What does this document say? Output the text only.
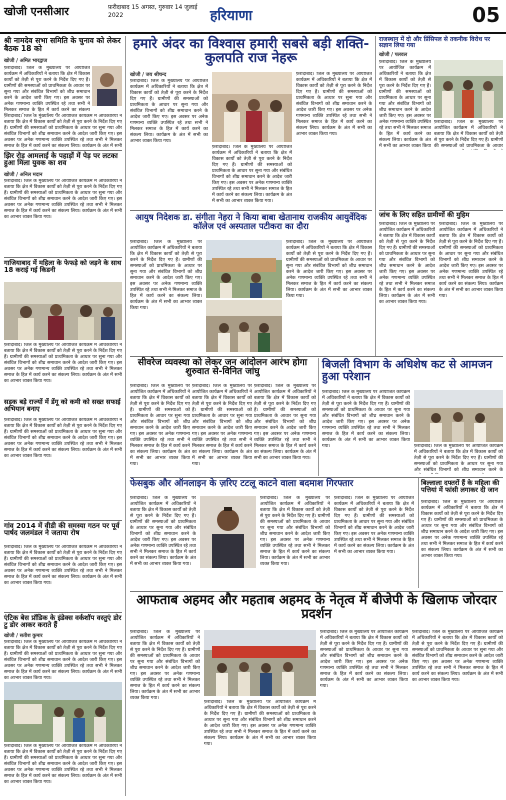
खोजी एनसीआर	फ़रीदाबाद 15 अगस्त, गुरुवार 14 जुलाई 2022	हरियाणा	05
श्री नामदेव सभा समिति के चुनाव को लेकर बैठक 18 को
खोजी / अमित भारद्वाज
फ़रीदाबाद। जिले के मुख्यालय पर आयोजित कार्यक्रम में अधिकारियों ने बताया कि क्षेत्र में विकास कार्यों को तेज़ी से पूरा करने के निर्देश दिए गए हैं। ग्रामीणों की समस्याओं को प्राथमिकता के आधार पर सुना गया और संबंधित विभागों को शीघ्र समाधान करने के आदेश जारी किए गए। इस अवसर पर अनेक गणमान्य व्यक्ति उपस्थित रहे तथा सभी ने मिलकर समाज के हित में कार्य करने का संकल्प
फ़रीदाबाद। जिले के मुख्यालय पर आयोजित कार्यक्रम में अधिकारियों ने बताया कि क्षेत्र में विकास कार्यों को तेज़ी से पूरा करने के निर्देश दिए गए हैं। ग्रामीणों की समस्याओं को प्राथमिकता के आधार पर सुना गया और संबंधित विभागों को शीघ्र समाधान करने के आदेश जारी किए गए। इस अवसर पर अनेक गणमान्य व्यक्ति उपस्थित रहे तथा सभी ने मिलकर समाज के हित में कार्य करने का संकल्प लिया। कार्यक्रम के अंत में सभी
झिर रोड़ आमलाई के पहाड़ों में पेड़ पर लटका हुआ मिला युवक का शव
खोजी / अनिल मदान
फ़रीदाबाद। जिले के मुख्यालय पर आयोजित कार्यक्रम में अधिकारियों ने बताया कि क्षेत्र में विकास कार्यों को तेज़ी से पूरा करने के निर्देश दिए गए हैं। ग्रामीणों की समस्याओं को प्राथमिकता के आधार पर सुना गया और संबंधित विभागों को शीघ्र समाधान करने के आदेश जारी किए गए। इस अवसर पर अनेक गणमान्य व्यक्ति उपस्थित रहे तथा सभी ने मिलकर समाज के हित में कार्य करने का संकल्प लिया। कार्यक्रम के अंत में सभी का आभार व्यक्त किया गया।
गाजियाबाद में महिला के फेफड़े को जड़ने के साथ 18 कराई गई किडनी
फ़रीदाबाद। जिले के मुख्यालय पर आयोजित कार्यक्रम में अधिकारियों ने बताया कि क्षेत्र में विकास कार्यों को तेज़ी से पूरा करने के निर्देश दिए गए हैं। ग्रामीणों की समस्याओं को प्राथमिकता के आधार पर सुना गया और संबंधित विभागों को शीघ्र समाधान करने के आदेश जारी किए गए। इस अवसर पर अनेक गणमान्य व्यक्ति उपस्थित रहे तथा सभी ने मिलकर समाज के हित में कार्य करने का संकल्प लिया। कार्यक्रम के अंत में सभी का आभार व्यक्त किया गया।
सड़क बड़े राज्यों में डेंगू को कमी को सख्त सफाई अभियान बनाए
फ़रीदाबाद। जिले के मुख्यालय पर आयोजित कार्यक्रम में अधिकारियों ने बताया कि क्षेत्र में विकास कार्यों को तेज़ी से पूरा करने के निर्देश दिए गए हैं। ग्रामीणों की समस्याओं को प्राथमिकता के आधार पर सुना गया और संबंधित विभागों को शीघ्र समाधान करने के आदेश जारी किए गए। इस अवसर पर अनेक गणमान्य व्यक्ति उपस्थित रहे तथा सभी ने मिलकर समाज के हित में कार्य करने का संकल्प लिया। कार्यक्रम के अंत में सभी का आभार व्यक्त किया गया।
गांव 2014 में वीडी की समस्या गठन पर पूर्व पार्षद जलमंडल ने जताया रोष
फ़रीदाबाद। जिले के मुख्यालय पर आयोजित कार्यक्रम में अधिकारियों ने बताया कि क्षेत्र में विकास कार्यों को तेज़ी से पूरा करने के निर्देश दिए गए हैं। ग्रामीणों की समस्याओं को प्राथमिकता के आधार पर सुना गया और संबंधित विभागों को शीघ्र समाधान करने के आदेश जारी किए गए। इस अवसर पर अनेक गणमान्य व्यक्ति उपस्थित रहे तथा सभी ने मिलकर समाज के हित में कार्य करने का संकल्प लिया। कार्यक्रम के अंत में सभी का आभार व्यक्त किया गया।
एंटिक बेस प्रॉडिक के इंडेक्स वर्कशॉप वस्तुएं डोर टु डोर आकर कराते हैं
खोजी / सतीश कुमार
फ़रीदाबाद। जिले के मुख्यालय पर आयोजित कार्यक्रम में अधिकारियों ने बताया कि क्षेत्र में विकास कार्यों को तेज़ी से पूरा करने के निर्देश दिए गए हैं। ग्रामीणों की समस्याओं को प्राथमिकता के आधार पर सुना गया और संबंधित विभागों को शीघ्र समाधान करने के आदेश जारी किए गए। इस अवसर पर अनेक गणमान्य व्यक्ति उपस्थित रहे तथा सभी ने मिलकर समाज के हित में कार्य करने का संकल्प लिया। कार्यक्रम के अंत में सभी का आभार व्यक्त किया गया।
फ़रीदाबाद। जिले के मुख्यालय पर आयोजित कार्यक्रम में अधिकारियों ने बताया कि क्षेत्र में विकास कार्यों को तेज़ी से पूरा करने के निर्देश दिए गए हैं। ग्रामीणों की समस्याओं को प्राथमिकता के आधार पर सुना गया और संबंधित विभागों को शीघ्र समाधान करने के आदेश जारी किए गए। इस अवसर पर अनेक गणमान्य व्यक्ति उपस्थित रहे तथा सभी ने मिलकर समाज के हित में कार्य करने का संकल्प लिया। कार्यक्रम के अंत में सभी का आभार व्यक्त किया गया।
हमारे अंदर का विश्वास हमारी सबसे बड़ी शक्ति-कुलपति राज नेहरू
खोजी / जय श्रीचन्द
फ़रीदाबाद। जिले के मुख्यालय पर आयोजित कार्यक्रम में अधिकारियों ने बताया कि क्षेत्र में विकास कार्यों को तेज़ी से पूरा करने के निर्देश दिए गए हैं। ग्रामीणों की समस्याओं को प्राथमिकता के आधार पर सुना गया और संबंधित विभागों को शीघ्र समाधान करने के आदेश जारी किए गए। इस अवसर पर अनेक गणमान्य व्यक्ति उपस्थित रहे तथा सभी ने मिलकर समाज के हित में कार्य करने का संकल्प लिया। कार्यक्रम के अंत में सभी का आभार व्यक्त किया गया।
फ़रीदाबाद। जिले के मुख्यालय पर आयोजित कार्यक्रम में अधिकारियों ने बताया कि क्षेत्र में विकास कार्यों को तेज़ी से पूरा करने के निर्देश दिए गए हैं। ग्रामीणों की समस्याओं को प्राथमिकता के आधार पर सुना गया और संबंधित विभागों को शीघ्र समाधान करने के आदेश जारी किए गए। इस अवसर पर अनेक गणमान्य व्यक्ति उपस्थित रहे तथा सभी ने मिलकर समाज के हित में कार्य करने का संकल्प लिया। कार्यक्रम के अंत में सभी का आभार व्यक्त किया गया।
फ़रीदाबाद। जिले के मुख्यालय पर आयोजित कार्यक्रम में अधिकारियों ने बताया कि क्षेत्र में विकास कार्यों को तेज़ी से पूरा करने के निर्देश दिए गए हैं। ग्रामीणों की समस्याओं को प्राथमिकता के आधार पर सुना गया और संबंधित विभागों को शीघ्र समाधान करने के आदेश जारी किए गए। इस अवसर पर अनेक गणमान्य व्यक्ति उपस्थित रहे तथा सभी ने मिलकर समाज के हित में कार्य करने का संकल्प लिया। कार्यक्रम के अंत में सभी का आभार व्यक्त किया गया।
राजस्थान में दो और प्रिंसिपल से तकनीक विरोध पर सज्ञान लिया गया
खोजी / पलवल
फ़रीदाबाद। जिले के मुख्यालय पर आयोजित कार्यक्रम में अधिकारियों ने बताया कि क्षेत्र में विकास कार्यों को तेज़ी से पूरा करने के निर्देश दिए गए हैं। ग्रामीणों की समस्याओं को प्राथमिकता के आधार पर सुना गया और संबंधित विभागों को शीघ्र समाधान करने के आदेश जारी किए गए। इस अवसर पर अनेक गणमान्य व्यक्ति उपस्थित रहे तथा सभी ने मिलकर समाज के हित में कार्य करने का संकल्प लिया। कार्यक्रम के अंत में सभी का आभार व्यक्त किया
फ़रीदाबाद। जिले के मुख्यालय पर आयोजित कार्यक्रम में अधिकारियों ने बताया कि क्षेत्र में विकास कार्यों को तेज़ी से पूरा करने के निर्देश दिए गए हैं। ग्रामीणों की समस्याओं को प्राथमिकता के आधार
जांच के लिए सहित ग्रामीणों की मुहिम
फ़रीदाबाद। जिले के मुख्यालय पर आयोजित कार्यक्रम में अधिकारियों ने बताया कि क्षेत्र में विकास कार्यों को तेज़ी से पूरा करने के निर्देश दिए गए हैं। ग्रामीणों की समस्याओं को प्राथमिकता के आधार पर सुना गया और संबंधित विभागों को शीघ्र समाधान करने के आदेश जारी किए गए। इस अवसर पर अनेक गणमान्य व्यक्ति उपस्थित रहे तथा सभी ने मिलकर समाज के हित में कार्य करने का संकल्प लिया। कार्यक्रम के अंत में सभी का आभार व्यक्त किया गया।
फ़रीदाबाद। जिले के मुख्यालय पर आयोजित कार्यक्रम में अधिकारियों ने बताया कि क्षेत्र में विकास कार्यों को तेज़ी से पूरा करने के निर्देश दिए गए हैं। ग्रामीणों की समस्याओं को प्राथमिकता के आधार पर सुना गया और संबंधित विभागों को शीघ्र समाधान करने के आदेश जारी किए गए। इस अवसर पर अनेक गणमान्य व्यक्ति उपस्थित रहे तथा सभी ने मिलकर समाज के हित में कार्य करने का संकल्प लिया। कार्यक्रम के अंत में सभी का आभार व्यक्त किया गया।
आयुष निदेशक डा. संगीता नेहरा ने किया बाबा खेतानाथ राजकीय आयुर्वेदिक कॉलेज एवं अस्पताल पटीकरा का दौरा
फ़रीदाबाद। जिले के मुख्यालय पर आयोजित कार्यक्रम में अधिकारियों ने बताया कि क्षेत्र में विकास कार्यों को तेज़ी से पूरा करने के निर्देश दिए गए हैं। ग्रामीणों की समस्याओं को प्राथमिकता के आधार पर सुना गया और संबंधित विभागों को शीघ्र समाधान करने के आदेश जारी किए गए। इस अवसर पर अनेक गणमान्य व्यक्ति उपस्थित रहे तथा सभी ने मिलकर समाज के हित में कार्य करने का संकल्प लिया। कार्यक्रम के अंत में सभी का आभार व्यक्त किया गया।
फ़रीदाबाद। जिले के मुख्यालय पर आयोजित कार्यक्रम में अधिकारियों ने बताया कि क्षेत्र में विकास कार्यों को तेज़ी से पूरा करने के निर्देश दिए गए हैं। ग्रामीणों की समस्याओं को प्राथमिकता के आधार पर सुना गया और संबंधित विभागों को शीघ्र समाधान करने के आदेश जारी किए गए। इस अवसर पर अनेक गणमान्य व्यक्ति उपस्थित रहे तथा सभी ने मिलकर समाज के हित में कार्य करने का संकल्प लिया। कार्यक्रम के अंत में सभी का आभार व्यक्त किया गया।
सीवरेज व्यवस्था को लेकर जन आंदोलन आरंभ होगा शुरुवात से-विनित जांघु
फ़रीदाबाद। जिले के मुख्यालय पर आयोजित कार्यक्रम में अधिकारियों ने बताया कि क्षेत्र में विकास कार्यों को तेज़ी से पूरा करने के निर्देश दिए गए हैं। ग्रामीणों की समस्याओं को प्राथमिकता के आधार पर सुना गया और संबंधित विभागों को शीघ्र समाधान करने के आदेश जारी किए गए। इस अवसर पर अनेक गणमान्य व्यक्ति उपस्थित रहे तथा सभी ने मिलकर समाज के हित में कार्य करने का संकल्प लिया। कार्यक्रम के अंत में सभी का आभार व्यक्त किया गया।
फ़रीदाबाद। जिले के मुख्यालय पर आयोजित कार्यक्रम में अधिकारियों ने बताया कि क्षेत्र में विकास कार्यों को तेज़ी से पूरा करने के निर्देश दिए गए हैं। ग्रामीणों की समस्याओं को प्राथमिकता के आधार पर सुना गया और संबंधित विभागों को शीघ्र समाधान करने के आदेश जारी किए गए। इस अवसर पर अनेक गणमान्य व्यक्ति उपस्थित रहे तथा सभी ने मिलकर समाज के हित में कार्य करने का संकल्प लिया। कार्यक्रम के अंत में सभी का आभार व्यक्त किया गया।
फ़रीदाबाद। जिले के मुख्यालय पर आयोजित कार्यक्रम में अधिकारियों ने बताया कि क्षेत्र में विकास कार्यों को तेज़ी से पूरा करने के निर्देश दिए गए हैं। ग्रामीणों की समस्याओं को प्राथमिकता के आधार पर सुना गया और संबंधित विभागों को शीघ्र समाधान करने के आदेश जारी किए गए। इस अवसर पर अनेक गणमान्य व्यक्ति उपस्थित रहे तथा सभी ने मिलकर समाज के हित में कार्य करने का संकल्प लिया। कार्यक्रम के अंत में सभी का आभार व्यक्त किया गया।
बिजली विभाग के अधिशेष कट से आमजन हुआ परेशान
फ़रीदाबाद। जिले के मुख्यालय पर आयोजित कार्यक्रम में अधिकारियों ने बताया कि क्षेत्र में विकास कार्यों को तेज़ी से पूरा करने के निर्देश दिए गए हैं। ग्रामीणों की समस्याओं को प्राथमिकता के आधार पर सुना गया और संबंधित विभागों को शीघ्र समाधान करने के आदेश जारी किए गए। इस अवसर पर अनेक गणमान्य व्यक्ति उपस्थित रहे तथा सभी ने मिलकर समाज के हित में कार्य करने का संकल्प लिया। कार्यक्रम के अंत में सभी का आभार व्यक्त किया गया।	फ़रीदाबाद। जिले के मुख्यालय पर आयोजित कार्यक्रम में अधिकारियों ने बताया कि क्षेत्र में विकास कार्यों को तेज़ी से पूरा करने के निर्देश दिए गए हैं। ग्रामीणों की समस्याओं को प्राथमिकता के आधार पर सुना गया और संबंधित विभागों को शीघ्र समाधान करने के
फेसबुक और ऑनलाइन के ज़रिए टटलू काटने वाला बदमाश गिरफ्तार
फ़रीदाबाद। जिले के मुख्यालय पर आयोजित कार्यक्रम में अधिकारियों ने बताया कि क्षेत्र में विकास कार्यों को तेज़ी से पूरा करने के निर्देश दिए गए हैं। ग्रामीणों की समस्याओं को प्राथमिकता के आधार पर सुना गया और संबंधित विभागों को शीघ्र समाधान करने के आदेश जारी किए गए। इस अवसर पर अनेक गणमान्य व्यक्ति उपस्थित रहे तथा सभी ने मिलकर समाज के हित में कार्य करने का संकल्प लिया। कार्यक्रम के अंत में सभी का आभार व्यक्त किया गया।
फ़रीदाबाद। जिले के मुख्यालय पर आयोजित कार्यक्रम में अधिकारियों ने बताया कि क्षेत्र में विकास कार्यों को तेज़ी से पूरा करने के निर्देश दिए गए हैं। ग्रामीणों की समस्याओं को प्राथमिकता के आधार पर सुना गया और संबंधित विभागों को शीघ्र समाधान करने के आदेश जारी किए गए। इस अवसर पर अनेक गणमान्य व्यक्ति उपस्थित रहे तथा सभी ने मिलकर समाज के हित में कार्य करने का संकल्प लिया। कार्यक्रम के अंत में सभी का आभार व्यक्त किया गया।
फ़रीदाबाद। जिले के मुख्यालय पर आयोजित कार्यक्रम में अधिकारियों ने बताया कि क्षेत्र में विकास कार्यों को तेज़ी से पूरा करने के निर्देश दिए गए हैं। ग्रामीणों की समस्याओं को प्राथमिकता के आधार पर सुना गया और संबंधित विभागों को शीघ्र समाधान करने के आदेश जारी किए गए। इस अवसर पर अनेक गणमान्य व्यक्ति उपस्थित रहे तथा सभी ने मिलकर समाज के हित में कार्य करने का संकल्प लिया। कार्यक्रम के अंत में सभी का आभार व्यक्त किया गया।
बिल्लाला दफ्तरों हैं के महिला की पत्तियां में फांसी लगाकर दी जान
फ़रीदाबाद। जिले के मुख्यालय पर आयोजित कार्यक्रम में अधिकारियों ने बताया कि क्षेत्र में विकास कार्यों को तेज़ी से पूरा करने के निर्देश दिए गए हैं। ग्रामीणों की समस्याओं को प्राथमिकता के आधार पर सुना गया और संबंधित विभागों को शीघ्र समाधान करने के आदेश जारी किए गए। इस अवसर पर अनेक गणमान्य व्यक्ति उपस्थित रहे तथा सभी ने मिलकर समाज के हित में कार्य करने का संकल्प लिया। कार्यक्रम के अंत में सभी का आभार व्यक्त किया गया।
आफताब अहमद और महताब अहमद के नेतृत्व में बीजेपी के खिलाफ जोरदार प्रदर्शन
फ़रीदाबाद। जिले के मुख्यालय पर आयोजित कार्यक्रम में अधिकारियों ने बताया कि क्षेत्र में विकास कार्यों को तेज़ी से पूरा करने के निर्देश दिए गए हैं। ग्रामीणों की समस्याओं को प्राथमिकता के आधार पर सुना गया और संबंधित विभागों को शीघ्र समाधान करने के आदेश जारी किए गए। इस अवसर पर अनेक गणमान्य व्यक्ति उपस्थित रहे तथा सभी ने मिलकर समाज के हित में कार्य करने का संकल्प लिया। कार्यक्रम के अंत में सभी का आभार व्यक्त किया गया।
फ़रीदाबाद। जिले के मुख्यालय पर आयोजित कार्यक्रम में अधिकारियों ने बताया कि क्षेत्र में विकास कार्यों को तेज़ी से पूरा करने के निर्देश दिए गए हैं। ग्रामीणों की समस्याओं को प्राथमिकता के आधार पर सुना गया और संबंधित विभागों को शीघ्र समाधान करने के आदेश जारी किए गए। इस अवसर पर अनेक गणमान्य व्यक्ति उपस्थित रहे तथा सभी ने मिलकर समाज के हित में कार्य करने का संकल्प लिया। कार्यक्रम के अंत में सभी का आभार व्यक्त किया गया।
फ़रीदाबाद। जिले के मुख्यालय पर आयोजित कार्यक्रम में अधिकारियों ने बताया कि क्षेत्र में विकास कार्यों को तेज़ी से पूरा करने के निर्देश दिए गए हैं। ग्रामीणों की समस्याओं को प्राथमिकता के आधार पर सुना गया और संबंधित विभागों को शीघ्र समाधान करने के आदेश जारी किए गए। इस अवसर पर अनेक गणमान्य व्यक्ति उपस्थित रहे तथा सभी ने मिलकर समाज के हित में कार्य करने का संकल्प लिया। कार्यक्रम के अंत में सभी का आभार व्यक्त किया गया।
फ़रीदाबाद। जिले के मुख्यालय पर आयोजित कार्यक्रम में अधिकारियों ने बताया कि क्षेत्र में विकास कार्यों को तेज़ी से पूरा करने के निर्देश दिए गए हैं। ग्रामीणों की समस्याओं को प्राथमिकता के आधार पर सुना गया और संबंधित विभागों को शीघ्र समाधान करने के आदेश जारी किए गए। इस अवसर पर अनेक गणमान्य व्यक्ति उपस्थित रहे तथा सभी ने मिलकर समाज के हित में कार्य करने का संकल्प लिया। कार्यक्रम के अंत में सभी का आभार व्यक्त किया गया।
